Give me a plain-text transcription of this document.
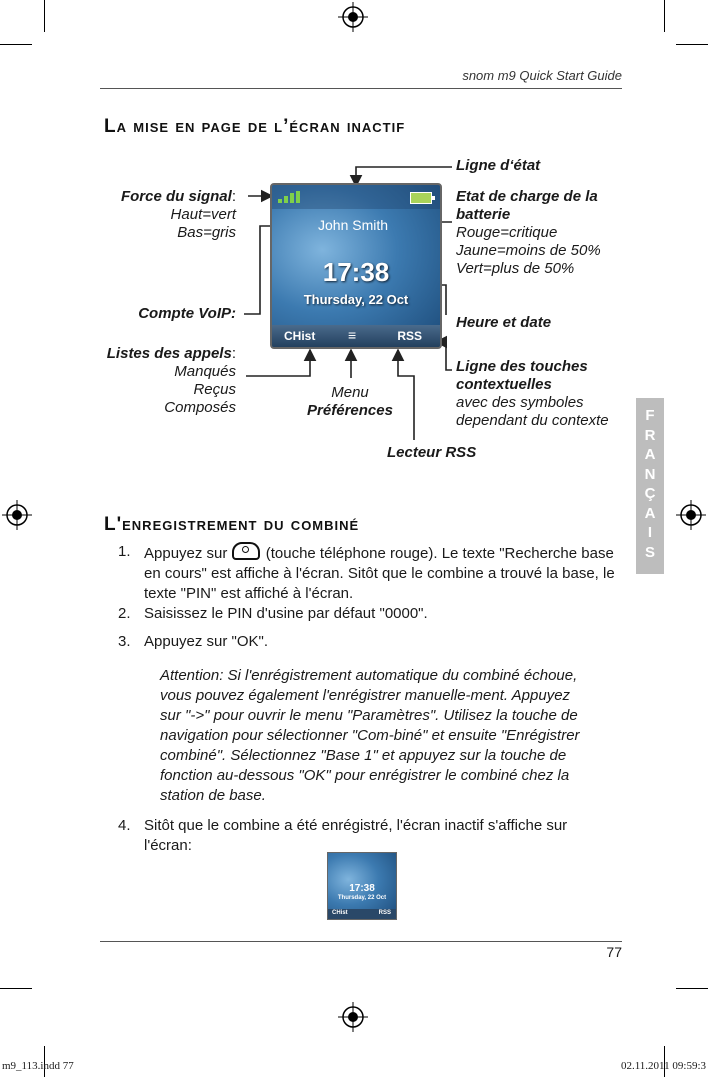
snom m9 Quick Start Guide
La mise en page de l’écran inactif
John Smith
17:38
Thursday, 22 Oct
CHist ≡	RSS
Force du signal:
Haut=vert
Bas=gris
Compte VoIP:
Listes des appels:
Manqués
Reçus
Composés
Menu
Préférences
Ligne d‘état
Etat de charge de la batterie
Rouge=critique
Jaune=moins de 50%
Vert=plus de 50%
Heure et date
Ligne des touches contextuelles
avec des symboles
dependant du contexte
Lecteur RSS
F
R
A
N
Ç
A
I
S
L'enregistrement du combiné
1. Appuyez sur	(touche téléphone rouge). Le texte "Recherche base en cours" est affiche à l'écran. Sitôt que le combine a trouvé la base, le texte "PIN" est affiché à l'écran.
2. Saisissez le PIN d'usine par défaut "0000".
3. Appuyez sur "OK".
Attention: Si l'enrégistrement automatique du combiné échoue, vous pouvez également l'enrégistrer manuelle-ment. Appuyez sur "->" pour ouvrir le menu "Paramètres". Utilisez la touche de navigation pour sélectionner "Com-biné" et ensuite "Enrégistrer combiné". Sélectionnez "Base 1" et appuyez sur la touche de fonction au-dessous "OK" pour enrégistrer le combiné chez la station de base.
4. Sitôt que le combine a été enrégistré, l'écran inactif s'affiche sur l'écran:
17:38
Thursday, 22 Oct
CHist	RSS
77
m9_113.indd 77	02.11.2011 09:59:3
